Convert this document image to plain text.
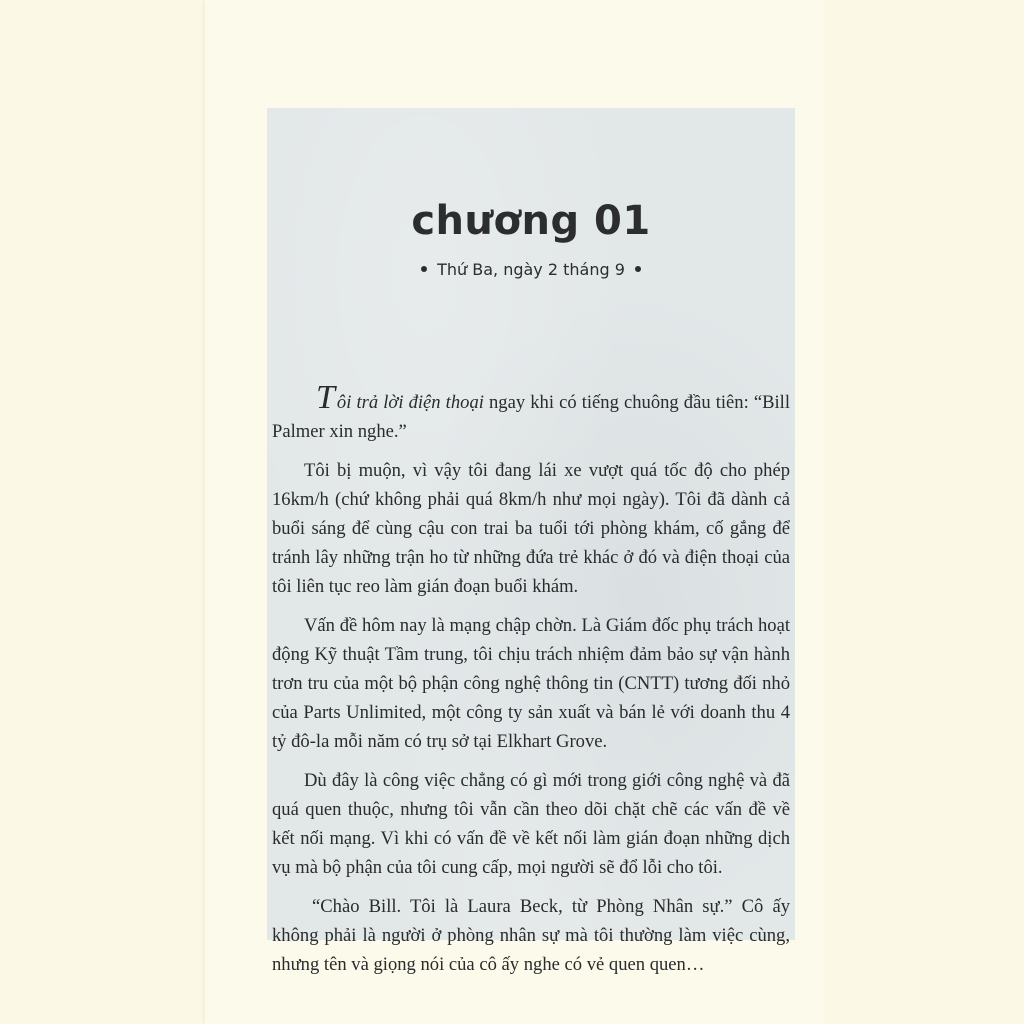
chương 01
Thứ Ba, ngày 2 tháng 9

Tôi trả lời điện thoại ngay khi có tiếng chuông đầu tiên: “Bill Palmer xin nghe.”

Tôi bị muộn, vì vậy tôi đang lái xe vượt quá tốc độ cho phép 16km/h (chứ không phải quá 8km/h như mọi ngày). Tôi đã dành cả buổi sáng để cùng cậu con trai ba tuổi tới phòng khám, cố gắng để tránh lây những trận ho từ những đứa trẻ khác ở đó và điện thoại của tôi liên tục reo làm gián đoạn buổi khám.

Vấn đề hôm nay là mạng chập chờn. Là Giám đốc phụ trách hoạt động Kỹ thuật Tầm trung, tôi chịu trách nhiệm đảm bảo sự vận hành trơn tru của một bộ phận công nghệ thông tin (CNTT) tương đối nhỏ của Parts Unlimited, một công ty sản xuất và bán lẻ với doanh thu 4 tỷ đô-la mỗi năm có trụ sở tại Elkhart Grove.

Dù đây là công việc chẳng có gì mới trong giới công nghệ và đã quá quen thuộc, nhưng tôi vẫn cần theo dõi chặt chẽ các vấn đề về kết nối mạng. Vì khi có vấn đề về kết nối làm gián đoạn những dịch vụ mà bộ phận của tôi cung cấp, mọi người sẽ đổ lỗi cho tôi.

“Chào Bill. Tôi là Laura Beck, từ Phòng Nhân sự.” Cô ấy không phải là người ở phòng nhân sự mà tôi thường làm việc cùng, nhưng tên và giọng nói của cô ấy nghe có vẻ quen quen…
